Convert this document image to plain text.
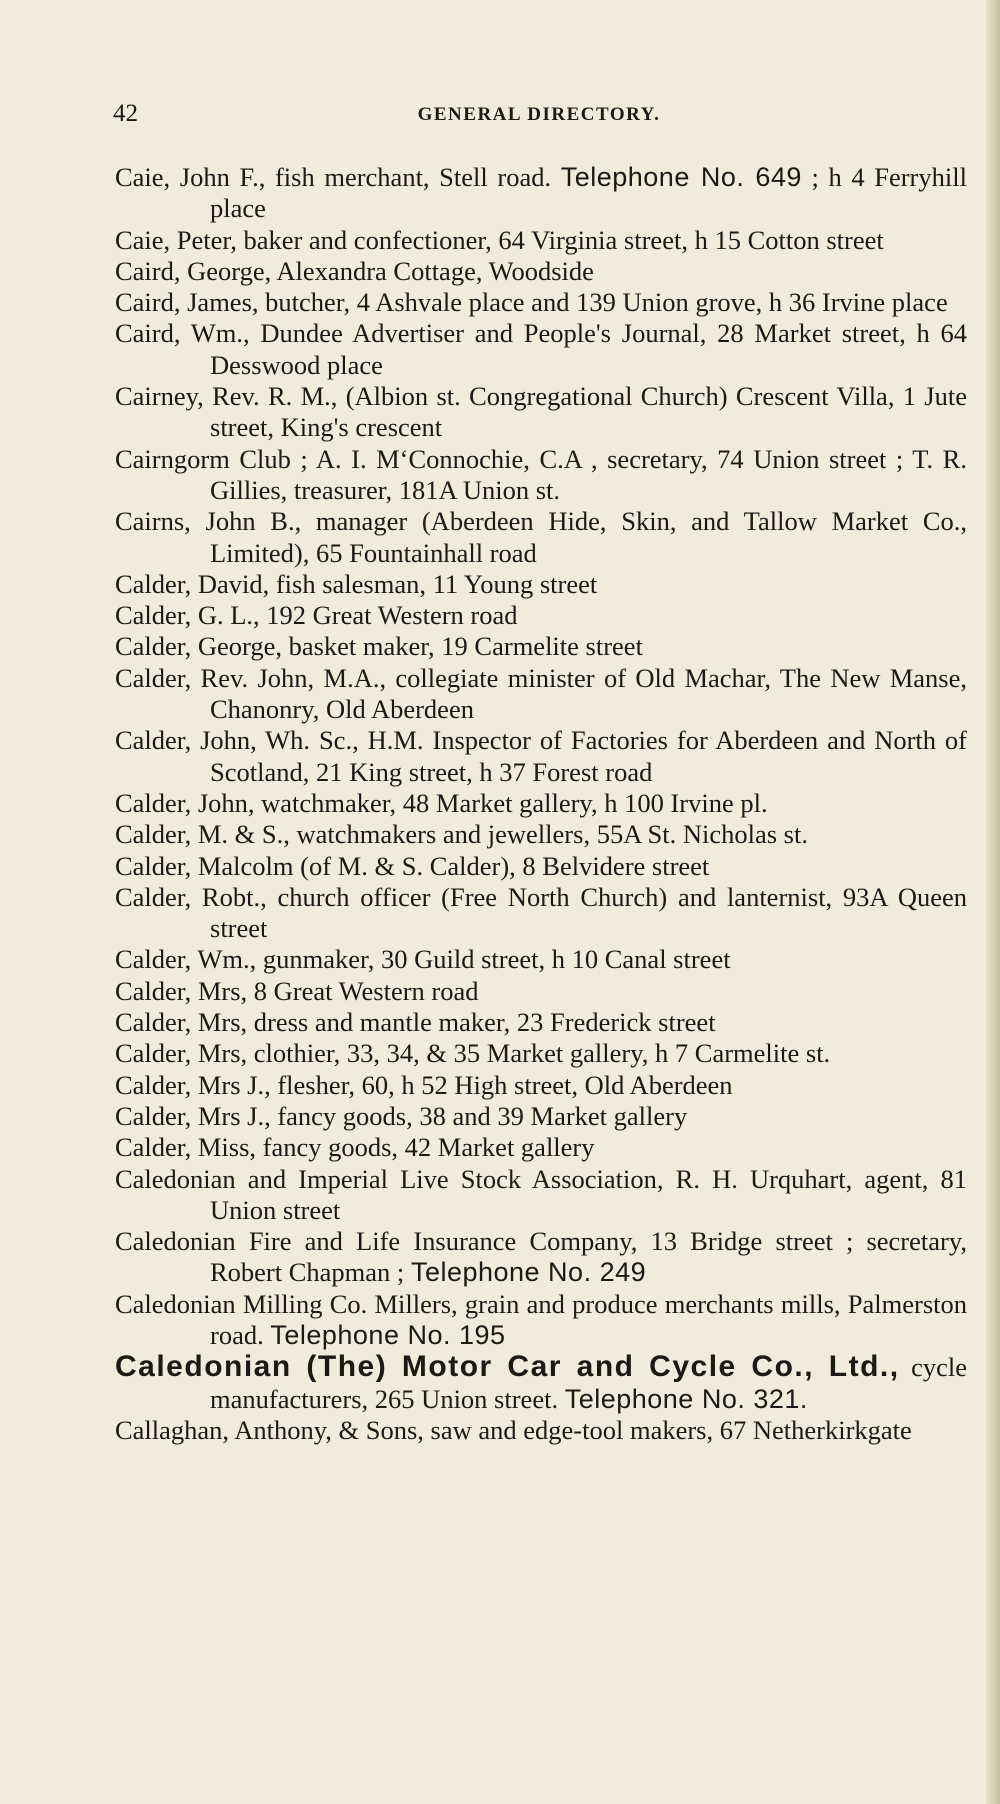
42	GENERAL DIRECTORY.

Caie, John F., fish merchant, Stell road. Telephone No. 649 ; h 4 Ferryhill place

Caie, Peter, baker and confectioner, 64 Virginia street, h 15 Cotton street

Caird, George, Alexandra Cottage, Woodside

Caird, James, butcher, 4 Ashvale place and 139 Union grove, h 36 Irvine place

Caird, Wm., Dundee Advertiser and People's Journal, 28 Market street, h 64 Desswood place

Cairney, Rev. R. M., (Albion st. Congregational Church) Crescent Villa, 1 Jute street, King's crescent

Cairngorm Club ; A. I. M‘Connochie, C.A , secretary, 74 Union street ; T. R. Gillies, treasurer, 181A Union st.

Cairns, John B., manager (Aberdeen Hide, Skin, and Tallow Market Co., Limited), 65 Fountainhall road

Calder, David, fish salesman, 11 Young street

Calder, G. L., 192 Great Western road

Calder, George, basket maker, 19 Carmelite street

Calder, Rev. John, M.A., collegiate minister of Old Machar, The New Manse, Chanonry, Old Aberdeen

Calder, John, Wh. Sc., H.M. Inspector of Factories for Aberdeen and North of Scotland, 21 King street, h 37 Forest road

Calder, John, watchmaker, 48 Market gallery, h 100 Irvine pl.

Calder, M. & S., watchmakers and jewellers, 55A St. Nicholas st.

Calder, Malcolm (of M. & S. Calder), 8 Belvidere street

Calder, Robt., church officer (Free North Church) and lanternist, 93A Queen street

Calder, Wm., gunmaker, 30 Guild street, h 10 Canal street

Calder, Mrs, 8 Great Western road

Calder, Mrs, dress and mantle maker, 23 Frederick street

Calder, Mrs, clothier, 33, 34, & 35 Market gallery, h 7 Carmelite st.

Calder, Mrs J., flesher, 60, h 52 High street, Old Aberdeen

Calder, Mrs J., fancy goods, 38 and 39 Market gallery

Calder, Miss, fancy goods, 42 Market gallery

Caledonian and Imperial Live Stock Association, R. H. Urquhart, agent, 81 Union street

Caledonian Fire and Life Insurance Company, 13 Bridge street ; secretary, Robert Chapman ; Telephone No. 249

Caledonian Milling Co. Millers, grain and produce merchants mills, Palmerston road. Telephone No. 195

Caledonian (The) Motor Car and Cycle Co., Ltd., cycle manufacturers, 265 Union street. Telephone No. 321.

Callaghan, Anthony, & Sons, saw and edge-tool makers, 67 Netherkirkgate
